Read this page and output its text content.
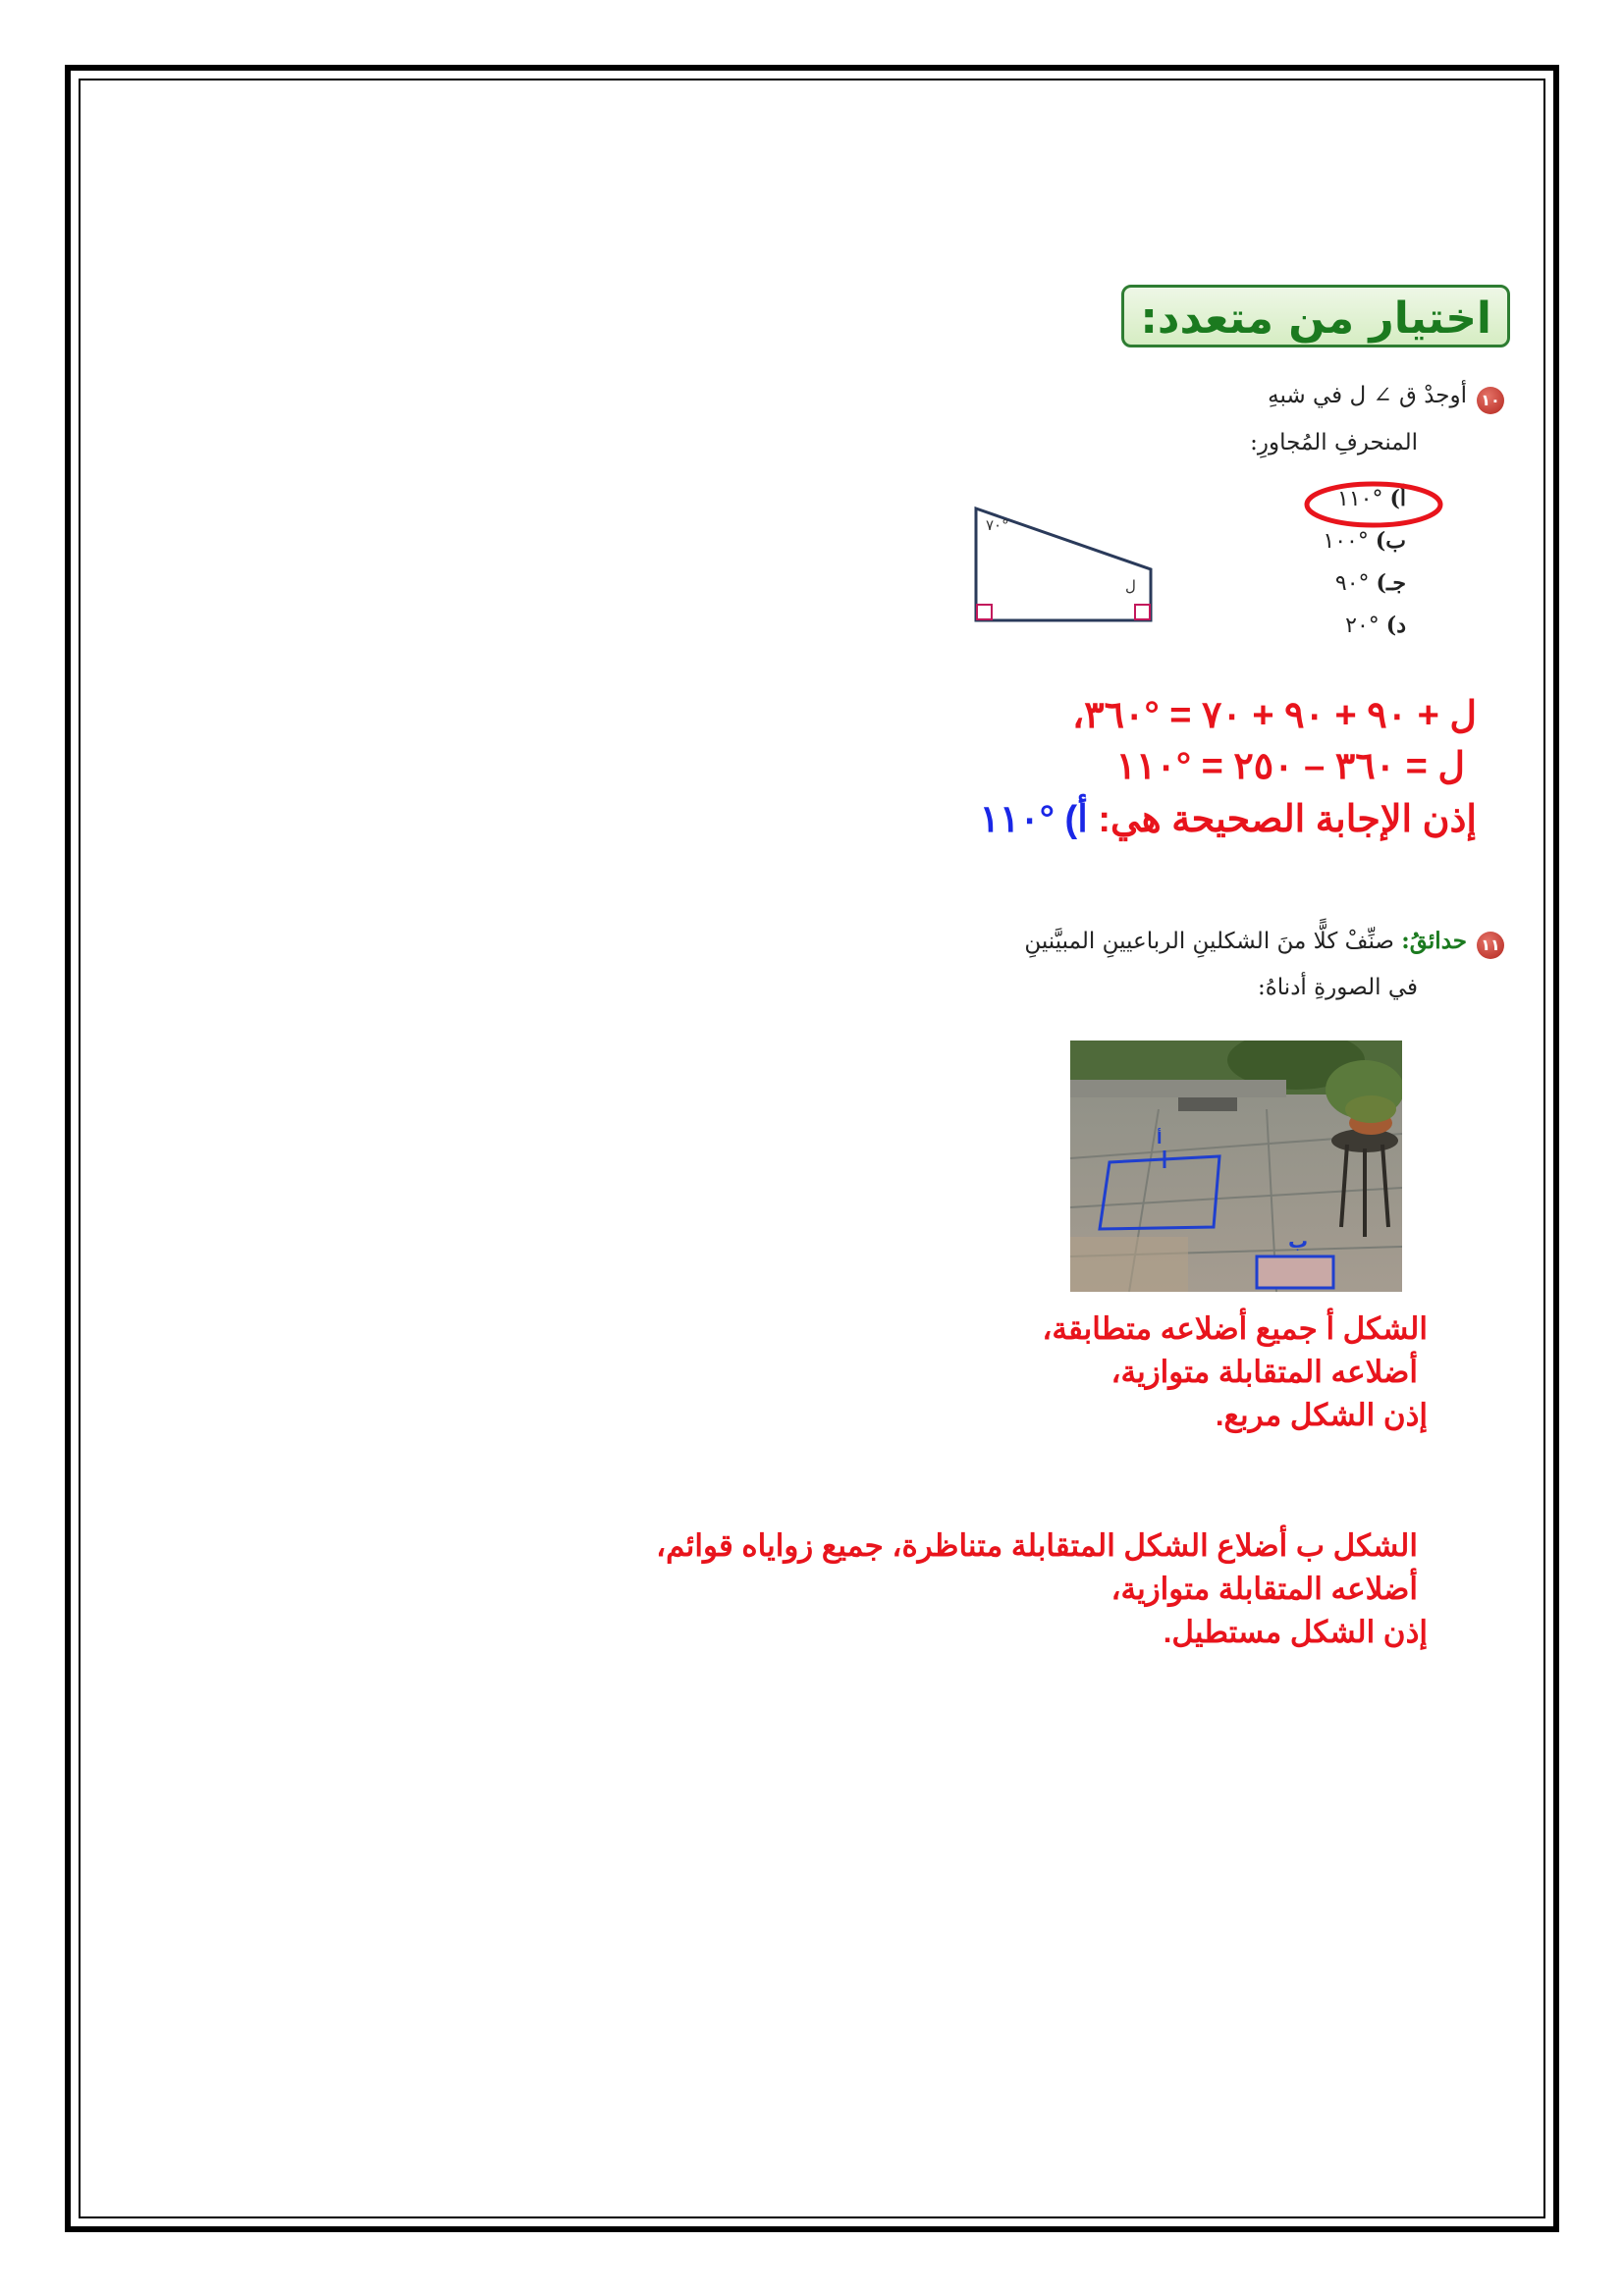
اختيار من متعدد:
١٠
أوجدْ ق ∠ ل في شبهِ
المنحرفِ المُجاورِ:
أ) °١١٠
ب) °١٠٠
جـ) °٩٠
د) °٢٠
٧٠°
ل
ل + ٩٠ + ٩٠ + ٧٠ = °٣٦٠،
ل = ٣٦٠ – ٢٥٠ = °١١٠
إذن الإجابة الصحيحة هي: أ) °١١٠
١١
حدائقُ: صنِّفْ كلًّا منَ الشكلينِ الرباعيينِ المبيَّنينِ
في الصورةِ أدناهُ:
أ
ب
الشكل أ جميع أضلاعه متطابقة،
أضلاعه المتقابلة متوازية،
إذن الشكل مربع.
الشكل ب أضلاع الشكل المتقابلة متناظرة، جميع زواياه قوائم،
أضلاعه المتقابلة متوازية،
إذن الشكل مستطيل.
